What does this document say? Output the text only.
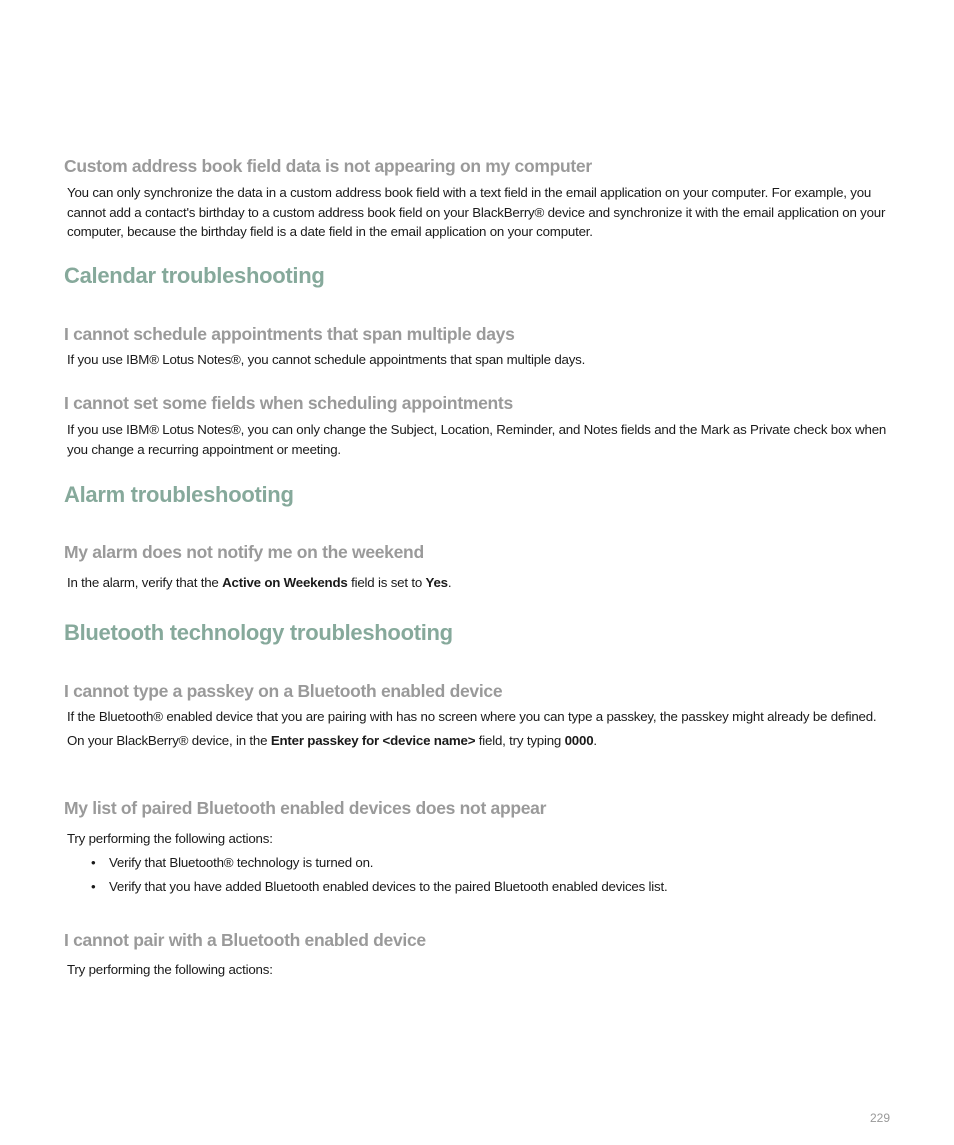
Custom address book field data is not appearing on my computer

You can only synchronize the data in a custom address book field with a text field in the email application on your computer. For example, you cannot add a contact's birthday to a custom address book field on your BlackBerry® device and synchronize it with the email application on your computer, because the birthday field is a date field in the email application on your computer.

Calendar troubleshooting
I cannot schedule appointments that span multiple days

If you use IBM® Lotus Notes®, you cannot schedule appointments that span multiple days.

I cannot set some fields when scheduling appointments

If you use IBM® Lotus Notes®, you can only change the Subject, Location, Reminder, and Notes fields and the Mark as Private check box when you change a recurring appointment or meeting.

Alarm troubleshooting
My alarm does not notify me on the weekend

In the alarm, verify that the Active on Weekends field is set to Yes.

Bluetooth technology troubleshooting
I cannot type a passkey on a Bluetooth enabled device

If the Bluetooth® enabled device that you are pairing with has no screen where you can type a passkey, the passkey might already be defined.

On your BlackBerry® device, in the Enter passkey for <device name> field, try typing 0000.

My list of paired Bluetooth enabled devices does not appear

Try performing the following actions:

• Verify that Bluetooth® technology is turned on.
• Verify that you have added Bluetooth enabled devices to the paired Bluetooth enabled devices list.
I cannot pair with a Bluetooth enabled device

Try performing the following actions:

229
